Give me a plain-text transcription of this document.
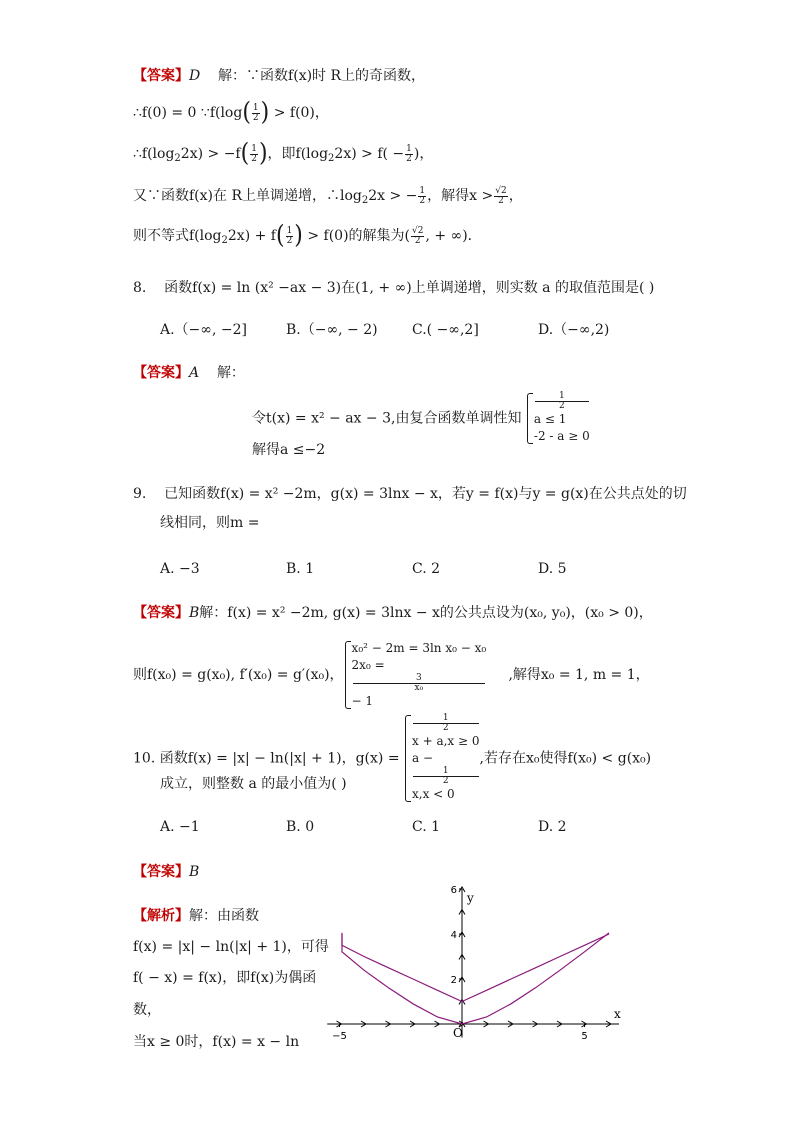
【答案】D 解：∵函数f(x)时 R上的奇函数，
∴f(0) = 0 ∵f(log( $\frac{1}{2}$ ) > f(0)，
$\therefore f(\log_22x) > -f( \frac{1}{2}$ )，即$f(\log_22x) > f( - \frac{1}{2}$ )，
又∵函数f(x)在 R上单调递增，$\therefore\log_22x$ > − $\frac{1}{2}$ ，解得$x > \frac{√2}{2}$ ，
则不等式$f(\log_22x) + f( \frac{1}{2}$ ) > f(0)的解集为( $\frac{√2}{2}$ , + ∞)．
8. 函数f(x) = ln (x² −ax − 3)在(1, + ∞)上单调递增，则实数 a 的取值范围是( )
A.（−∞, −2]	B.（−∞, − 2) C.( −∞,2]	D.（−∞,2)
【答案】A 解：
令t(x) = x² − ax − 3,由复合函数单调性知
1
2
a ≤ 1
-2 - a ≥ 0
解得a ≤−2
9. 已知函数f(x) = x² −2m，g(x) = 3lnx − x，若y = f(x)与y = g(x)在公共点处的切
线相同，则m =
A. −3	B. 1	C. 2	D. 5
【答案】B解：f(x) = x² −2m, g(x) = 3lnx − x的公共点设为(x₀, y₀)，(x₀ > 0)，
则f(x₀) = g(x₀), f′(x₀) = g′(x₀)，
x₀² − 2m = 3ln x₀ − x₀
2x₀ =
3
x₀
− 1
,解得x₀ = 1, m = 1，
10. 函数f(x) = |x| − ln(|x| + 1)，g(x) =
1
2
x + a,x ≥ 0
a −
1
2
x,x < 0
,若存在x₀使得f(x₀) < g(x₀)
成立，则整数 a 的最小值为( )
A. −1	B. 0	C. 1	D. 2
【答案】B
【解析】解：由函数
f(x) = |x| − ln(|x| + 1)，可得
f( − x) = f(x)，即f(x)为偶函
数，
当x ≥ 0时，f(x) = x − ln	−5	5
2
4
6
x
y
O
